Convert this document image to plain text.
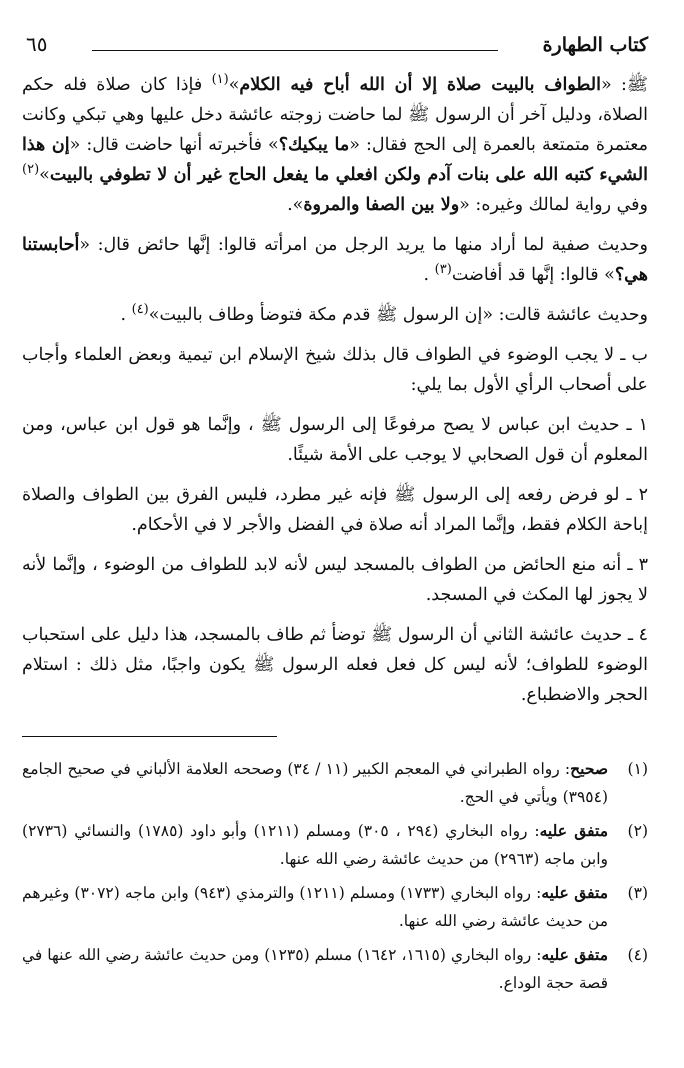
كتاب الطهارة
٦٥

ﷺ: «الطواف بالبيت صلاة إلا أن الله أباح فيه الكلام»$^{(١)}$ فإذا كان صلاة فله حكم الصلاة، ودليل آخر أن الرسول ﷺ لما حاضت زوجته عائشة دخل عليها وهي تبكي وكانت معتمرة متمتعة بالعمرة إلى الحج فقال: «ما يبكيك؟» فأخبرته أنها حاضت قال: «إن هذا الشيء كتبه الله على بنات آدم ولكن افعلي ما يفعل الحاج غير أن لا تطوفي بالبيت»$^{(٢)}$ وفي رواية لمالك وغيره: «ولا بين الصفا والمروة».

وحديث صفية لما أراد منها ما يريد الرجل من امرأته قالوا: إنَّها حائض قال: «أحابستنا هي؟» قالوا: إنَّها قد أفاضت$^{(٣)}$ .

وحديث عائشة قالت: «إن الرسول ﷺ قدم مكة فتوضأ وطاف بالبيت»$^{(٤)}$ .

ب ـ لا يجب الوضوء في الطواف قال بذلك شيخ الإسلام ابن تيمية وبعض العلماء وأجاب على أصحاب الرأي الأول بما يلي:

١ ـ حديث ابن عباس لا يصح مرفوعًا إلى الرسول ﷺ ، وإنَّما هو قول ابن عباس، ومن المعلوم أن قول الصحابي لا يوجب على الأمة شيئًا.

٢ ـ لو فرض رفعه إلى الرسول ﷺ فإنه غير مطرد، فليس الفرق بين الطواف والصلاة إباحة الكلام فقط، وإنَّما المراد أنه صلاة في الفضل والأجر لا في الأحكام.

٣ ـ أنه منع الحائض من الطواف بالمسجد ليس لأنه لابد للطواف من الوضوء ، وإنَّما لأنه لا يجوز لها المكث في المسجد.

٤ ـ حديث عائشة الثاني أن الرسول ﷺ توضأ ثم طاف بالمسجد، هذا دليل على استحباب الوضوء للطواف؛ لأنه ليس كل فعل فعله الرسول ﷺ يكون واجبًا، مثل ذلك : استلام الحجر والاضطباع.

(١)
صحيح: رواه الطبراني في المعجم الكبير (١١ / ٣٤) وصححه العلامة الألباني في صحيح الجامع (٣٩٥٤) ويأتي في الحج.
(٢)
متفق عليه: رواه البخاري (٢٩٤ ، ٣٠٥) ومسلم (١٢١١) وأبو داود (١٧٨٥) والنسائي (٢٧٣٦) وابن ماجه (٢٩٦٣) من حديث عائشة رضي الله عنها.
(٣)
متفق عليه: رواه البخاري (١٧٣٣) ومسلم (١٢١١) والترمذي (٩٤٣) وابن ماجه (٣٠٧٢) وغيرهم من حديث عائشة رضي الله عنها.
(٤)
متفق عليه: رواه البخاري (١٦١٥، ١٦٤٢) مسلم (١٢٣٥) ومن حديث عائشة رضي الله عنها في قصة حجة الوداع.
